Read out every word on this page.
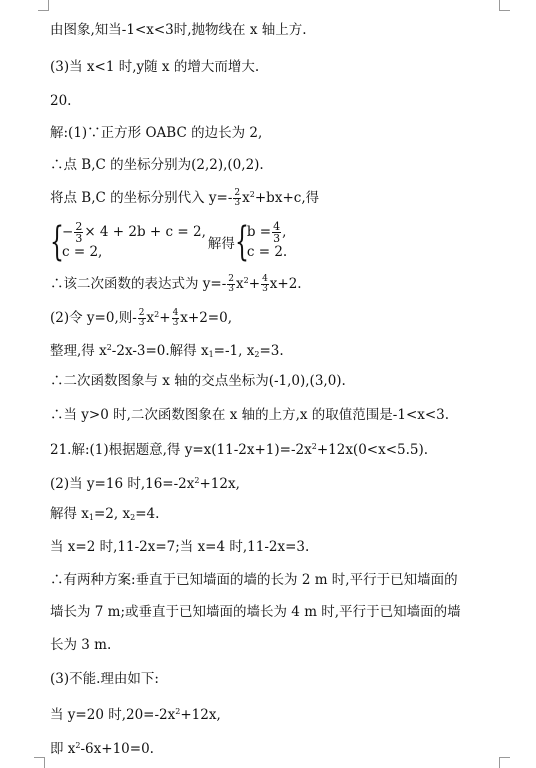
由图象,知当-1<x<3时,抛物线在 x 轴上方.
(3)当 x<1 时,y随 x 的增大而增大.
20.
解:(1)∵正方形 OABC 的边长为 2,
∴点 B,C 的坐标分别为(2,2),(0,2).
将点 B,C 的坐标分别代入 $y=- \frac{2}{3} x^2+bx+c$,得
{
− $\frac{2}{3} \times 4 + 2b + c = 2$,
c = 2,	解得 {
$b = \frac{4}{3}$ ,
c = 2.
∴该二次函数的表达式为 $y=- \frac{2}{3} x^2+ \frac{4}{3} x+2$.
(2)令 y=0,则- $\frac{2}{3} x^2+ \frac{4}{3} x+2=0$,
整理,得 $x^2-2x-3=0$.解得 $x_1=-1$, $x_2=3$.
∴二次函数图象与 x 轴的交点坐标为(-1,0),(3,0).
∴当 y>0 时,二次函数图象在 x 轴的上方,x 的取值范围是-1<x<3.
21.解:(1)根据题意,得 $y=x(11-2x+1)=-2x^2+12x(0<x<5.5)$.
(2)当 y=16 时$,16=-2x^2+12x$,
解得 $x_1=2$, $x_2=4$.
当 x=2 时,11-2x=7;当 x=4 时,11-2x=3.
∴有两种方案:垂直于已知墙面的墙的长为 2 m 时,平行于已知墙面的
墙长为 7 m;或垂直于已知墙面的墙长为 4 m 时,平行于已知墙面的墙
长为 3 m.
(3)不能.理由如下:
当 y=20 时$,20=-2x^2+12x$,
即 $x^2-6x+10=0$.
